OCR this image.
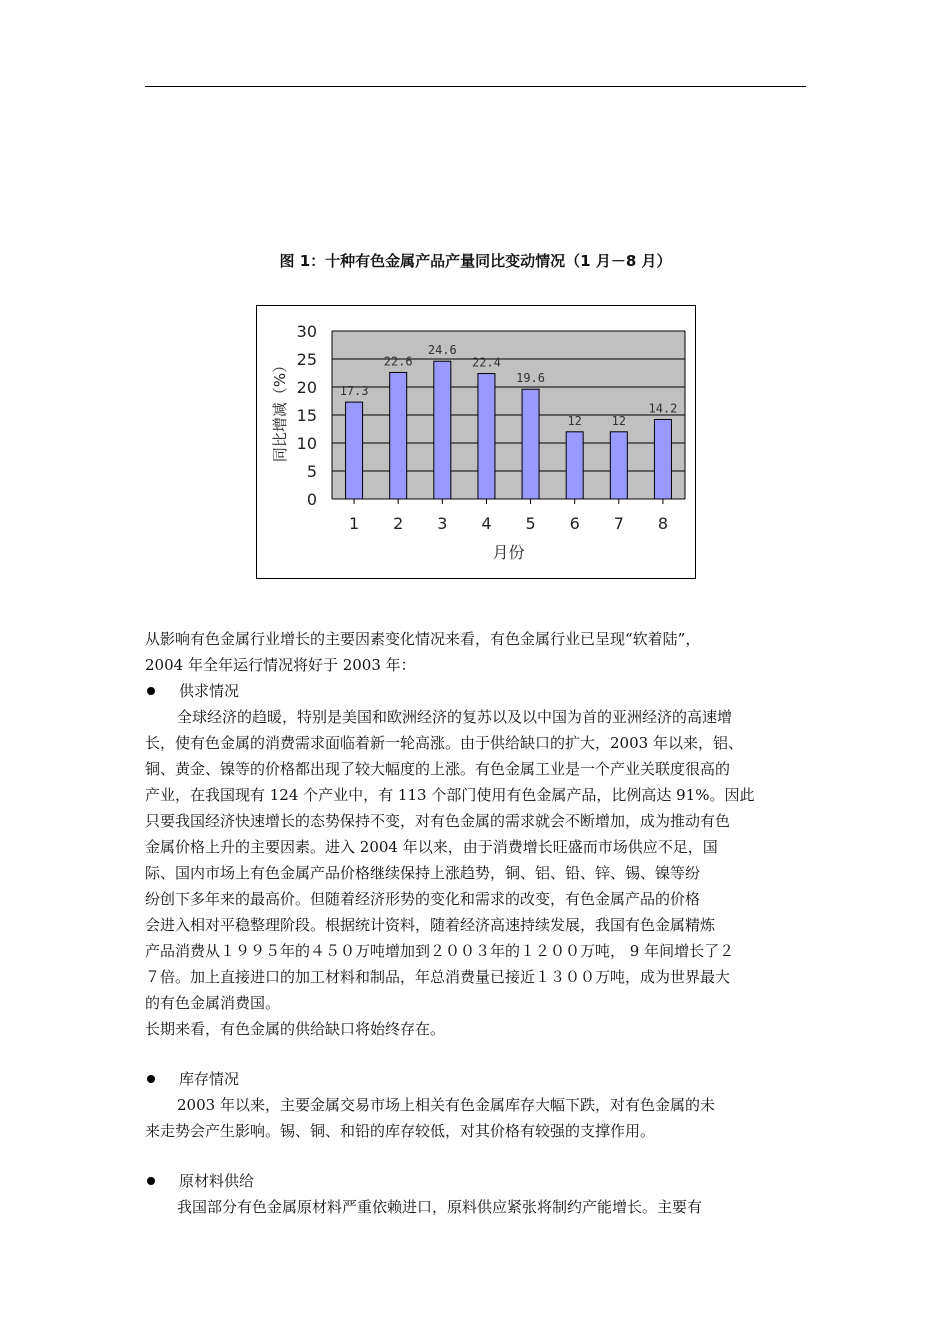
图 1：十种有色金属产品产量同比变动情况（1 月－8 月）
0
5
10
15
20
25
30
17.3
1
22.6
2
24.6
3
22.4
4
19.6
5
12
6
12
7
14.2
8
月份
同比增减（%）
从影响有色金属行业增长的主要因素变化情况来看，有色金属行业已呈现“软着陆”，
2004 年全年运行情况将好于 2003 年：
供求情况
全球经济的趋暖，特别是美国和欧洲经济的复苏以及以中国为首的亚洲经济的高速增
长，使有色金属的消费需求面临着新一轮高涨。由于供给缺口的扩大，2003 年以来，铝、
铜、黄金、镍等的价格都出现了较大幅度的上涨。有色金属工业是一个产业关联度很高的
产业，在我国现有 124 个产业中，有 113 个部门使用有色金属产品，比例高达 91%。因此
只要我国经济快速增长的态势保持不变，对有色金属的需求就会不断增加，成为推动有色
金属价格上升的主要因素。进入 2004 年以来，由于消费增长旺盛而市场供应不足，国
际、国内市场上有色金属产品价格继续保持上涨趋势，铜、铝、铅、锌、锡、镍等纷
纷创下多年来的最高价。但随着经济形势的变化和需求的改变，有色金属产品的价格
会进入相对平稳整理阶段。根据统计资料，随着经济高速持续发展，我国有色金属精炼
产品消费从１９９５年的４５０万吨增加到２００３年的１２００万吨， 9 年间增长了２
７倍。加上直接进口的加工材料和制品，年总消费量已接近１３００万吨，成为世界最大
的有色金属消费国。
长期来看，有色金属的供给缺口将始终存在。
库存情况
2003 年以来，主要金属交易市场上相关有色金属库存大幅下跌，对有色金属的未
来走势会产生影响。锡、铜、和铅的库存较低，对其价格有较强的支撑作用。
原材料供给
我国部分有色金属原材料严重依赖进口，原料供应紧张将制约产能增长。主要有
